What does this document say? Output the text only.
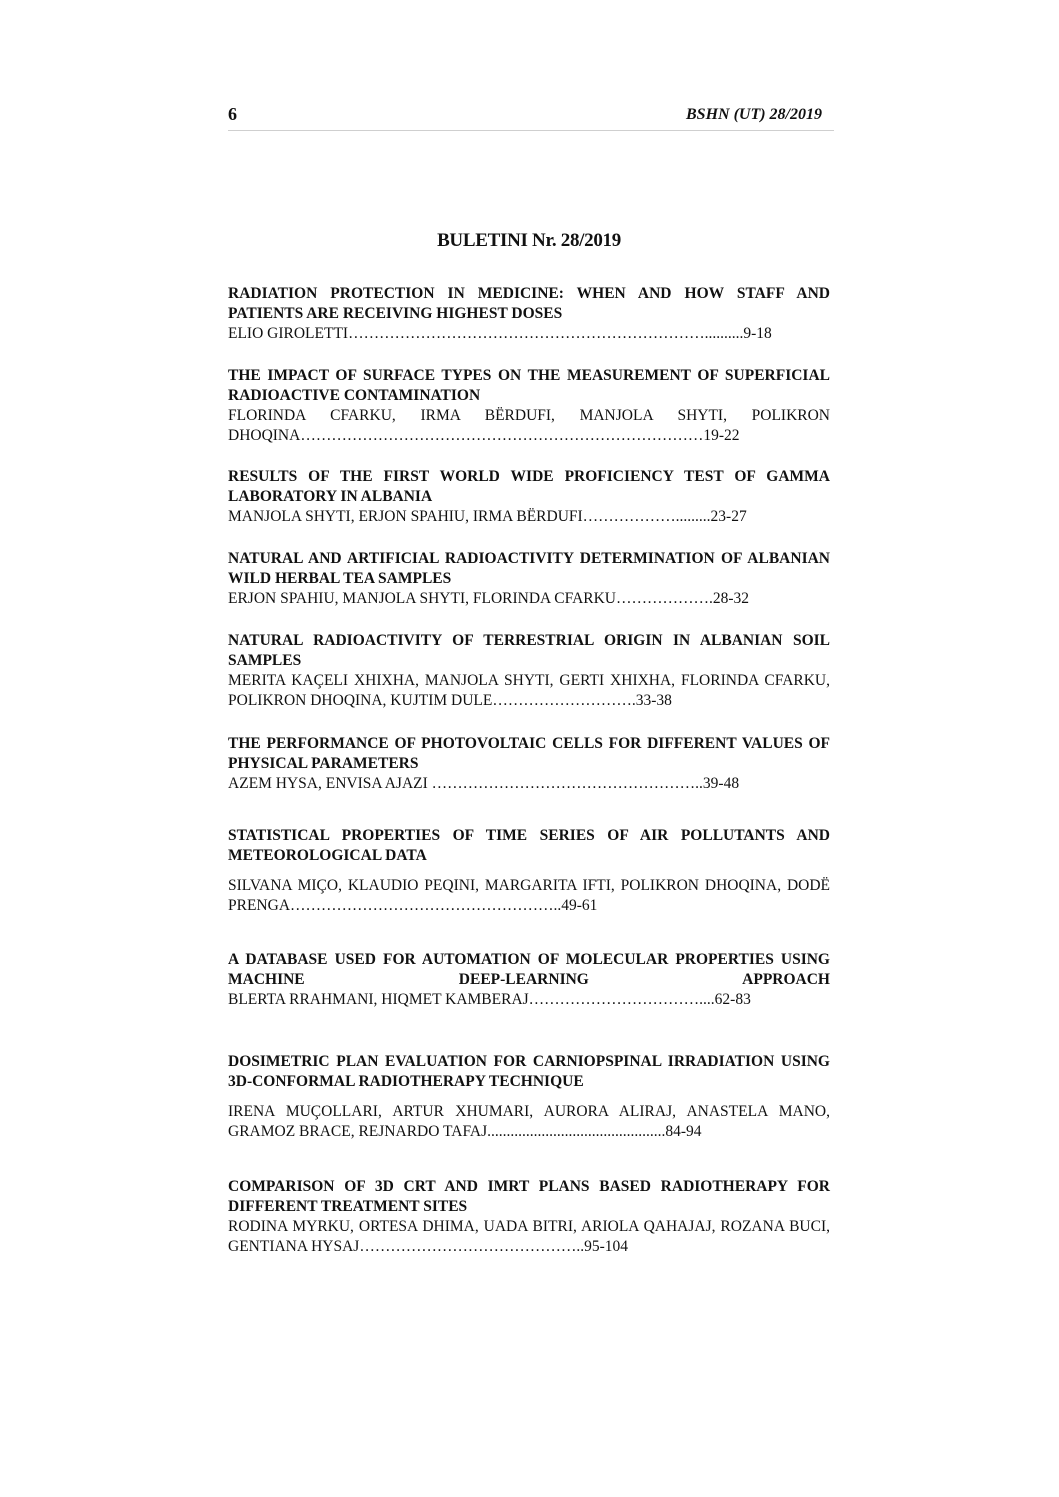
6	BSHN (UT) 28/2019
BULETINI Nr. 28/2019
RADIATION PROTECTION IN MEDICINE: WHEN AND HOW STAFF AND PATIENTS ARE RECEIVING HIGHEST DOSES
ELIO GIROLETTI……………………………………………………………..........9-18
THE IMPACT OF SURFACE TYPES ON THE MEASUREMENT OF SUPERFICIAL RADIOACTIVE CONTAMINATION
FLORINDA CFARKU, IRMA BËRDUFI, MANJOLA SHYTI, POLIKRON DHOQINA……………………………………………………………………19-22
RESULTS OF THE FIRST WORLD WIDE PROFICIENCY TEST OF GAMMA LABORATORY IN ALBANIA
MANJOLA SHYTI, ERJON SPAHIU, IRMA BËRDUFI……………….........23-27
NATURAL AND ARTIFICIAL RADIOACTIVITY DETERMINATION OF ALBANIAN WILD HERBAL TEA SAMPLES
ERJON SPAHIU, MANJOLA SHYTI, FLORINDA CFARKU……………….28-32
NATURAL RADIOACTIVITY OF TERRESTRIAL ORIGIN IN ALBANIAN SOIL SAMPLES
MERITA KAÇELI XHIXHA, MANJOLA SHYTI, GERTI XHIXHA, FLORINDA CFARKU, POLIKRON DHOQINA, KUJTIM DULE……………………….33-38
THE PERFORMANCE OF PHOTOVOLTAIC CELLS FOR DIFFERENT VALUES OF PHYSICAL PARAMETERS
AZEM HYSA, ENVISA AJAZI ……………………………………………..39-48
STATISTICAL PROPERTIES OF TIME SERIES OF AIR POLLUTANTS AND METEOROLOGICAL DATA
SILVANA MIÇO, KLAUDIO PEQINI, MARGARITA IFTI, POLIKRON DHOQINA, DODË PRENGA……………………………………………..49-61
A DATABASE USED FOR AUTOMATION OF MOLECULAR PROPERTIES USING MACHINE DEEP-LEARNING APPROACH
BLERTA RRAHMANI, HIQMET KAMBERAJ……………………………....62-83
DOSIMETRIC PLAN EVALUATION FOR CARNIOPSPINAL IRRADIATION USING 3D-CONFORMAL RADIOTHERAPY TECHNIQUE
IRENA MUÇOLLARI, ARTUR XHUMARI, AURORA ALIRAJ, ANASTELA MANO, GRAMOZ BRACE, REJNARDO TAFAJ..............................................84-94
COMPARISON OF 3D CRT AND IMRT PLANS BASED RADIOTHERAPY FOR DIFFERENT TREATMENT SITES
RODINA MYRKU, ORTESA DHIMA, UADA BITRI, ARIOLA QAHAJAJ, ROZANA BUCI, GENTIANA HYSAJ……………………………………..95-104
